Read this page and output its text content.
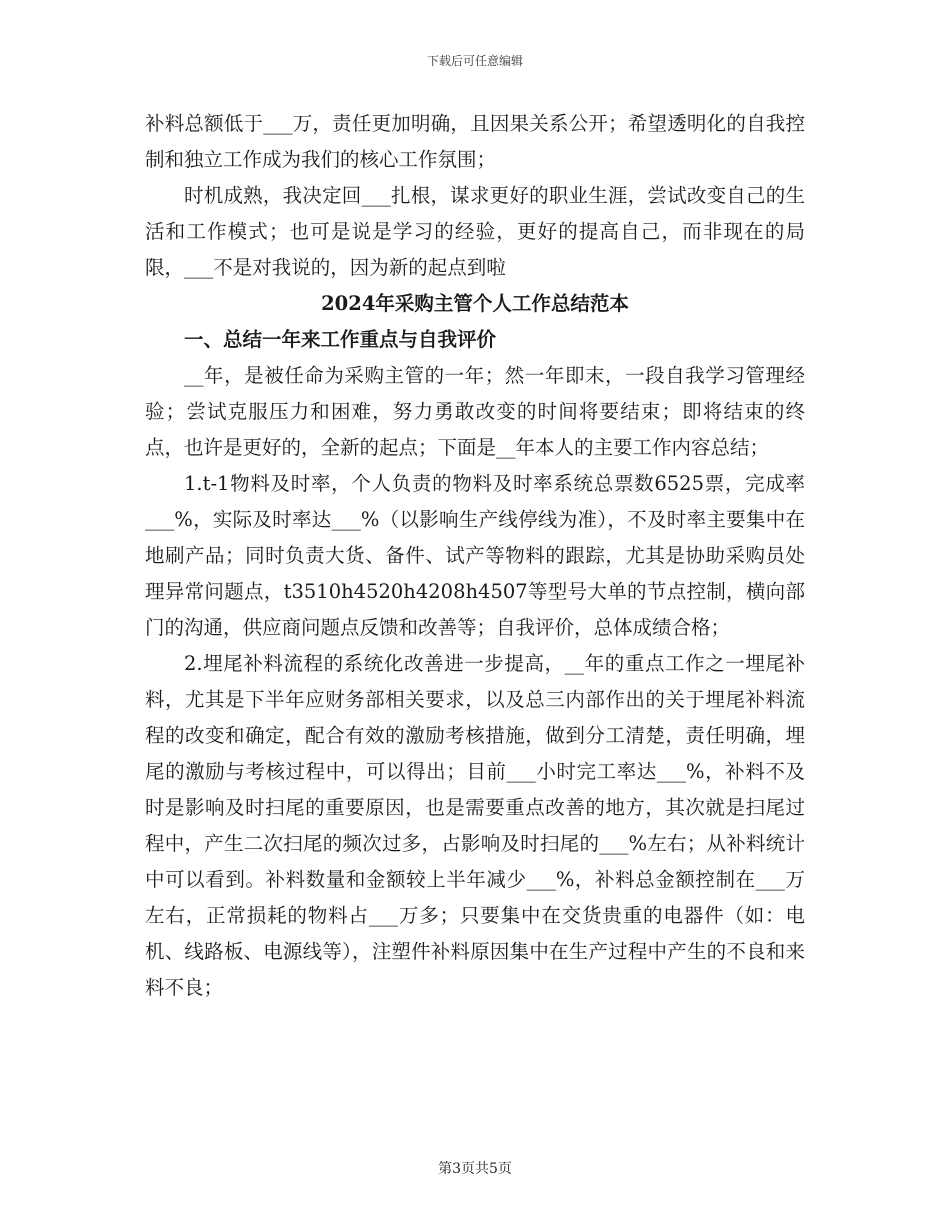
下载后可任意编辑

补料总额低于___万，责任更加明确，且因果关系公开；希望透明化的自我控制和独立工作成为我们的核心工作氛围；

时机成熟，我决定回___扎根，谋求更好的职业生涯，尝试改变自己的生活和工作模式；也可是说是学习的经验，更好的提高自己，而非现在的局限，___不是对我说的，因为新的起点到啦

2024年采购主管个人工作总结范本

一、总结一年来工作重点与自我评价

__年，是被任命为采购主管的一年；然一年即末，一段自我学习管理经验；尝试克服压力和困难，努力勇敢改变的时间将要结束；即将结束的终点，也许是更好的，全新的起点；下面是__年本人的主要工作内容总结；

1.t-1物料及时率，个人负责的物料及时率系统总票数6525票，完成率___%，实际及时率达___%（以影响生产线停线为准），不及时率主要集中在地刷产品；同时负责大货、备件、试产等物料的跟踪，尤其是协助采购员处理异常问题点，t3510h4520h4208h4507等型号大单的节点控制，横向部门的沟通，供应商问题点反馈和改善等；自我评价，总体成绩合格；

2.埋尾补料流程的系统化改善进一步提高，__年的重点工作之一埋尾补料，尤其是下半年应财务部相关要求，以及总三内部作出的关于埋尾补料流程的改变和确定，配合有效的激励考核措施，做到分工清楚，责任明确，埋尾的激励与考核过程中，可以得出；目前___小时完工率达___%，补料不及时是影响及时扫尾的重要原因，也是需要重点改善的地方，其次就是扫尾过程中，产生二次扫尾的频次过多，占影响及时扫尾的___%左右；从补料统计中可以看到。补料数量和金额较上半年减少___%，补料总金额控制在___万左右，正常损耗的物料占___万多；只要集中在交货贵重的电器件（如：电机、线路板、电源线等），注塑件补料原因集中在生产过程中产生的不良和来料不良；

第3页共5页
